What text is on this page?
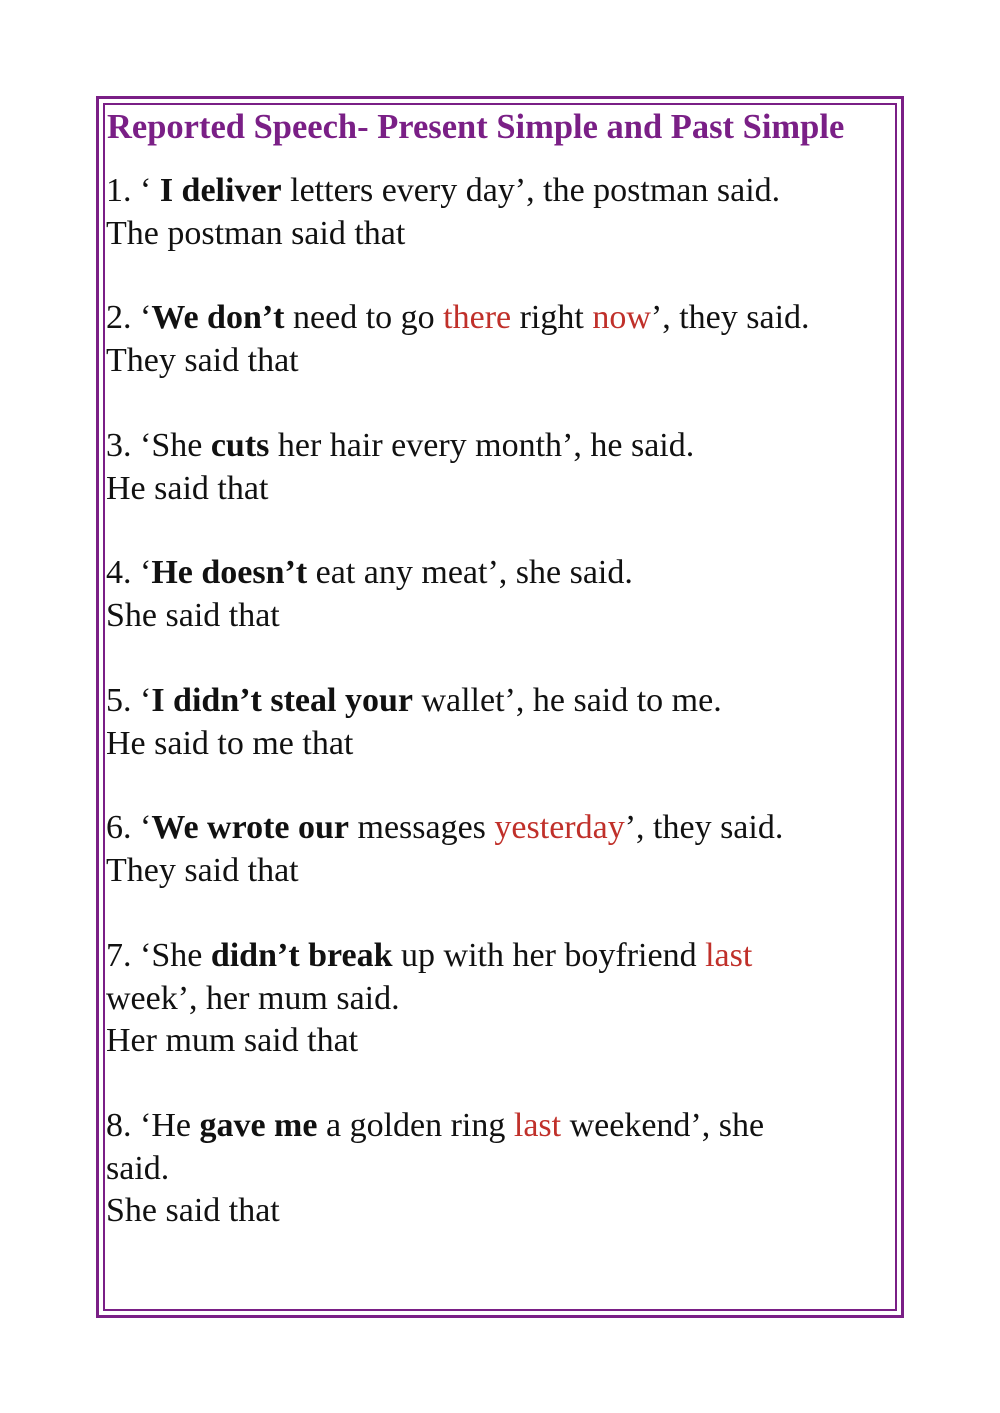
Reported Speech- Present Simple and Past Simple
1. ‘ I deliver letters every day’, the postman said.
The postman said that
2. ‘We don’t need to go there right now’, they said.
They said that
3. ‘She cuts her hair every month’, he said.
He said that
4. ‘He doesn’t eat any meat’, she said.
She said that
5. ‘I didn’t steal your wallet’, he said to me.
He said to me that
6. ‘We wrote our messages yesterday’, they said.
They said that
7. ‘She didn’t break up with her boyfriend last
week’, her mum said.
Her mum said that
8. ‘He gave me a golden ring last weekend’, she
said.
She said that
